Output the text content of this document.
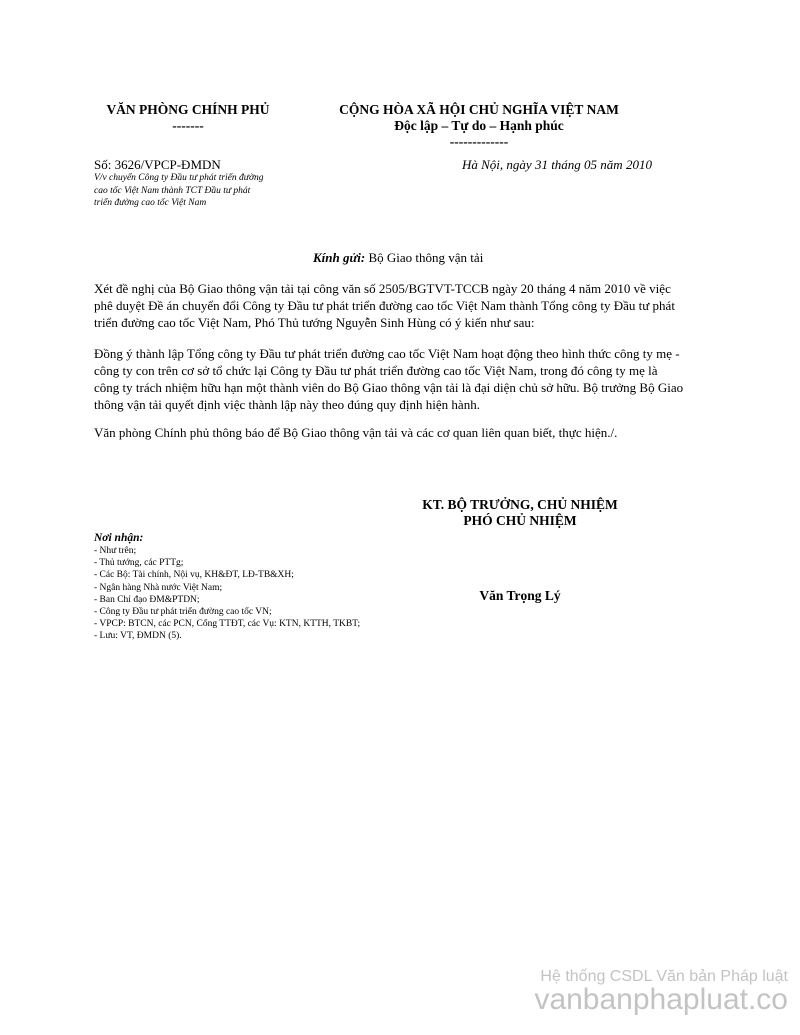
VĂN PHÒNG CHÍNH PHỦ
-------
CỘNG HÒA XÃ HỘI CHỦ NGHĨA VIỆT NAM
Độc lập – Tự do – Hạnh phúc
-------------
Số: 3626/VPCP-ĐMDN
V/v chuyển Công ty Đầu tư phát triển đường
cao tốc Việt Nam thành TCT Đầu tư phát
triển đường cao tốc Việt Nam
Hà Nội, ngày 31 tháng 05 năm 2010
Kính gửi: Bộ Giao thông vận tải
Xét đề nghị của Bộ Giao thông vận tải tại công văn số 2505/BGTVT-TCCB ngày 20 tháng 4 năm 2010 về việc phê duyệt Đề án chuyển đổi Công ty Đầu tư phát triển đường cao tốc Việt Nam thành Tổng công ty Đầu tư phát triển đường cao tốc Việt Nam, Phó Thủ tướng Nguyễn Sinh Hùng có ý kiến như sau:
Đồng ý thành lập Tổng công ty Đầu tư phát triển đường cao tốc Việt Nam hoạt động theo hình thức công ty mẹ - công ty con trên cơ sở tổ chức lại Công ty Đầu tư phát triển đường cao tốc Việt Nam, trong đó công ty mẹ là công ty trách nhiệm hữu hạn một thành viên do Bộ Giao thông vận tải là đại diện chủ sở hữu. Bộ trưởng Bộ Giao thông vận tải quyết định việc thành lập này theo đúng quy định hiện hành.
Văn phòng Chính phủ thông báo để Bộ Giao thông vận tải và các cơ quan liên quan biết, thực hiện./.
KT. BỘ TRƯỞNG, CHỦ NHIỆM
PHÓ CHỦ NHIỆM
Văn Trọng Lý
Nơi nhận:
- Như trên;
- Thủ tướng, các PTTg;
- Các Bộ: Tài chính, Nội vụ, KH&ĐT, LĐ-TB&XH;
- Ngân hàng Nhà nước Việt Nam;
- Ban Chỉ đạo ĐM&PTDN;
- Công ty Đầu tư phát triển đường cao tốc VN;
- VPCP: BTCN, các PCN, Cổng TTĐT, các Vụ: KTN, KTTH, TKBT;
- Lưu: VT, ĐMDN (5).
Hệ thống CSDL Văn bản Pháp luật
vanbanphapluat.co
